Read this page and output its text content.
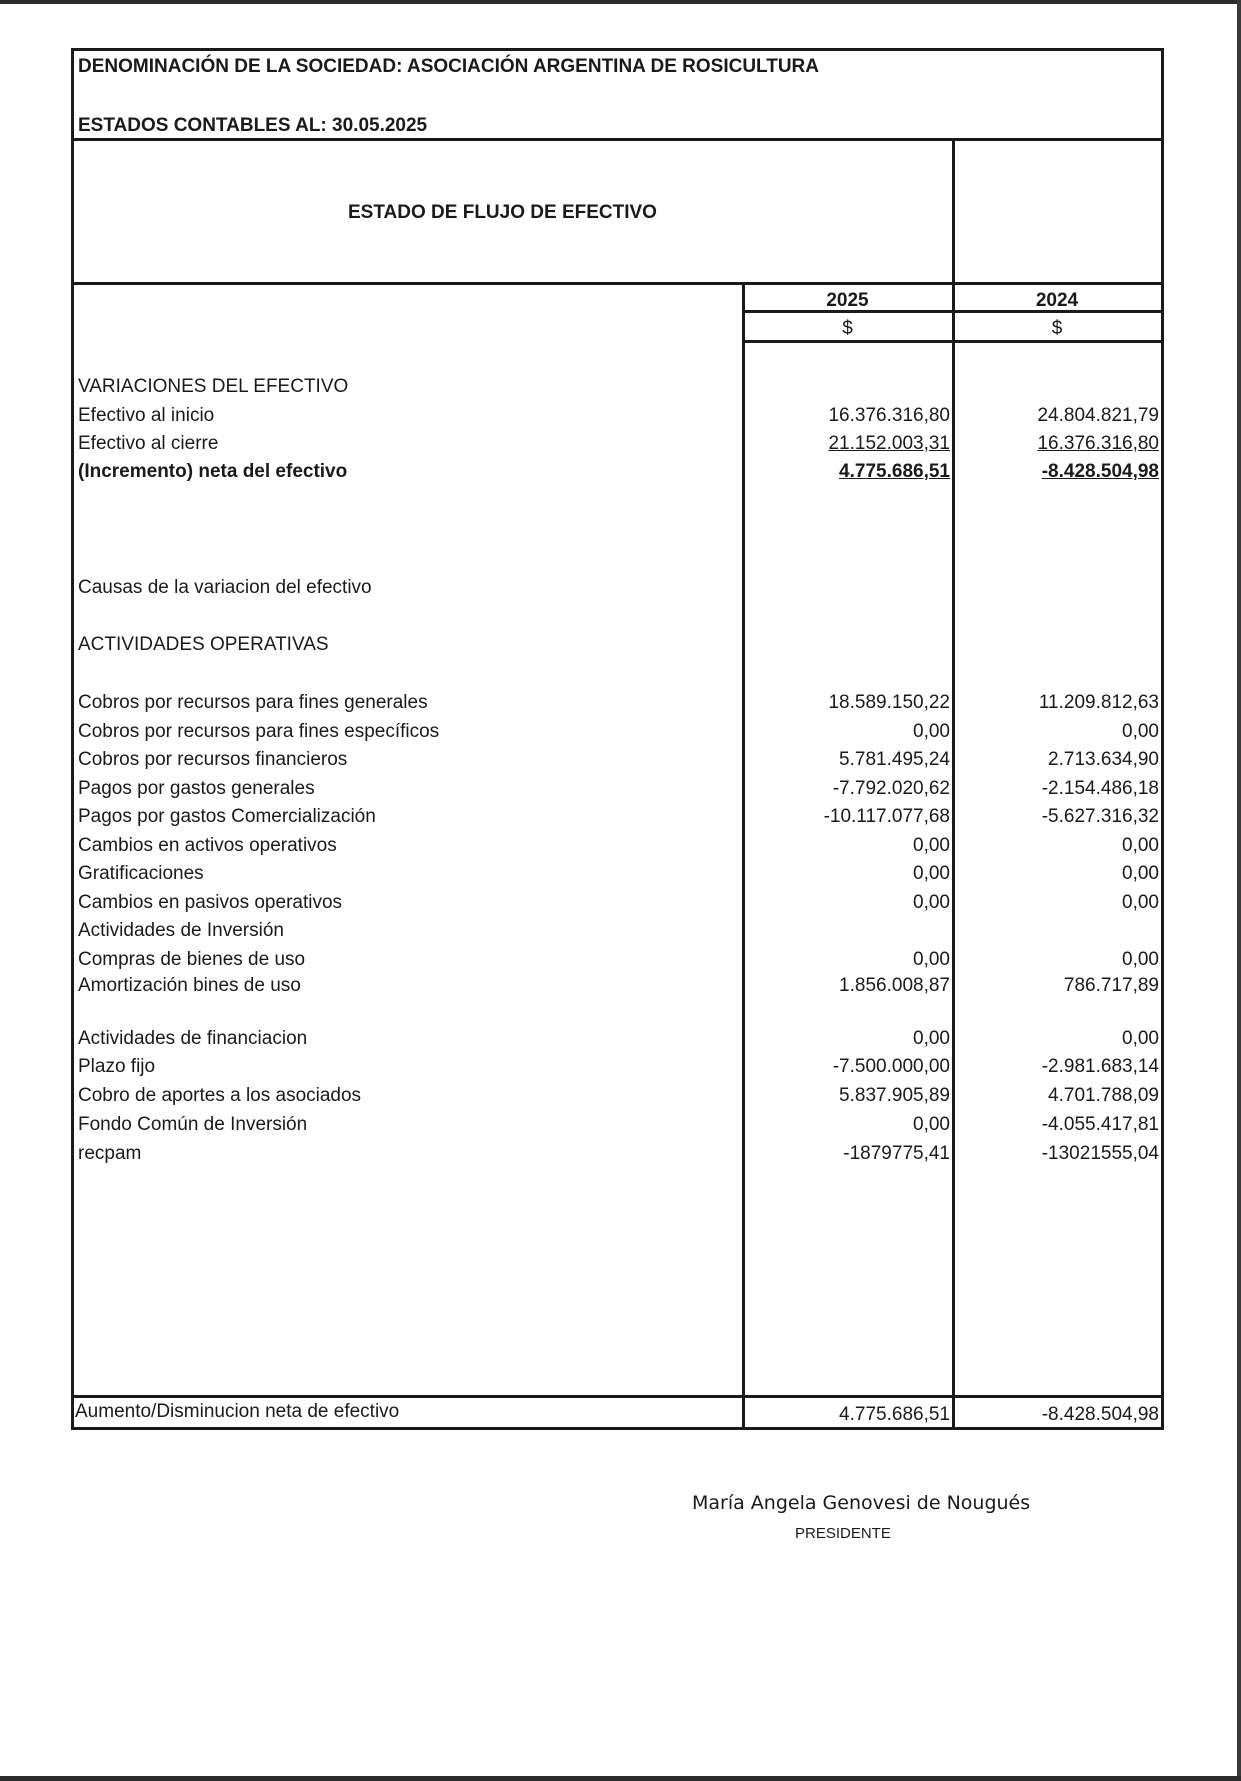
DENOMINACIÓN DE LA SOCIEDAD: ASOCIACIÓN ARGENTINA DE ROSICULTURA
ESTADOS CONTABLES AL: 30.05.2025
ESTADO DE FLUJO DE EFECTIVO
2025	2024
$	$
VARIACIONES DEL EFECTIVO
Efectivo al inicio	16.376.316,80	24.804.821,79
Efectivo al cierre	21.152.003,31	16.376.316,80
(Incremento) neta del efectivo	4.775.686,51	-8.428.504,98
Causas de la variacion del efectivo
ACTIVIDADES OPERATIVAS
Cobros por recursos para fines generales	18.589.150,22	11.209.812,63
Cobros por recursos para fines específicos	0,00	0,00
Cobros por recursos financieros	5.781.495,24	2.713.634,90
Pagos por gastos generales	-7.792.020,62	-2.154.486,18
Pagos por gastos Comercialización	-10.117.077,68	-5.627.316,32
Cambios en activos operativos	0,00	0,00
Gratificaciones	0,00	0,00
Cambios en pasivos operativos	0,00	0,00
Actividades de Inversión
Compras de bienes de uso	0,00	0,00
Amortización bines de uso	1.856.008,87	786.717,89
Actividades de financiacion	0,00	0,00
Plazo fijo	-7.500.000,00	-2.981.683,14
Cobro de aportes a los asociados	5.837.905,89	4.701.788,09
Fondo Común de Inversión	0,00	-4.055.417,81
recpam	-1879775,41	-13021555,04
Aumento/Disminucion neta de efectivo	4.775.686,51	-8.428.504,98
María Angela Genovesi de Nougués
PRESIDENTE
